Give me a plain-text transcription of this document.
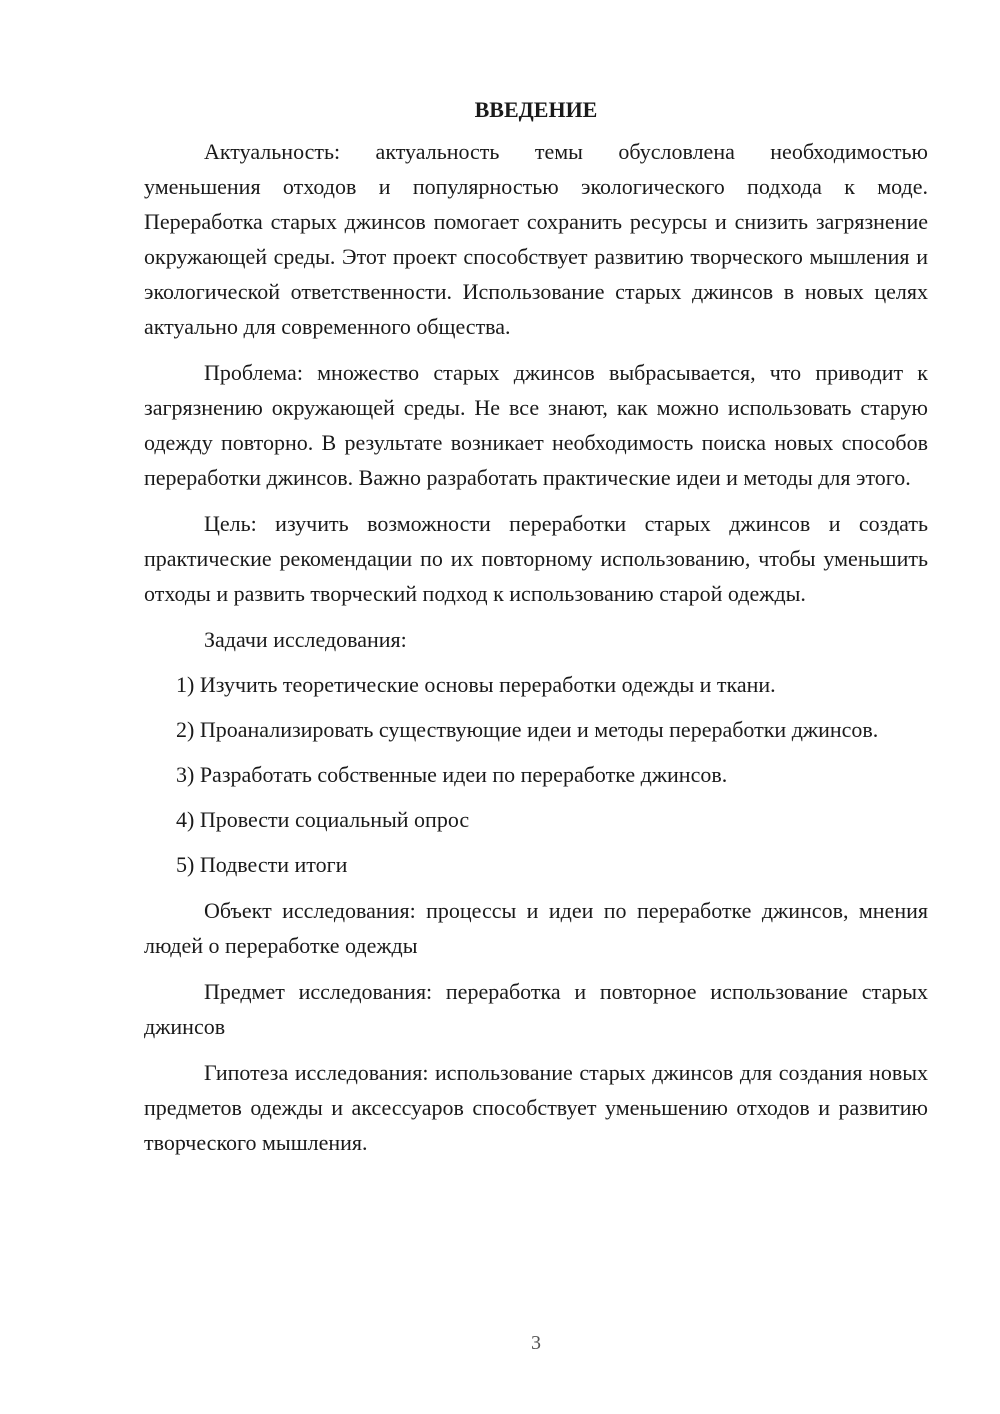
ВВЕДЕНИЕ

Актуальность: актуальность темы обусловлена необходимостью уменьшения отходов и популярностью экологического подхода к моде. Переработка старых джинсов помогает сохранить ресурсы и снизить загрязнение окружающей среды. Этот проект способствует развитию творческого мышления и экологической ответственности. Использование старых джинсов в новых целях актуально для современного общества.

Проблема: множество старых джинсов выбрасывается, что приводит к загрязнению окружающей среды. Не все знают, как можно использовать старую одежду повторно. В результате возникает необходимость поиска новых способов переработки джинсов. Важно разработать практические идеи и методы для этого.

Цель: изучить возможности переработки старых джинсов и создать практические рекомендации по их повторному использованию, чтобы уменьшить отходы и развить творческий подход к использованию старой одежды.

Задачи исследования:

1) Изучить теоретические основы переработки одежды и ткани.

2) Проанализировать существующие идеи и методы переработки джинсов.

3) Разработать собственные идеи по переработке джинсов.

4) Провести социальный опрос

5) Подвести итоги

Объект исследования: процессы и идеи по переработке джинсов, мнения людей о переработке одежды

Предмет исследования: переработка и повторное использование старых джинсов

Гипотеза исследования: использование старых джинсов для создания новых предметов одежды и аксессуаров способствует уменьшению отходов и развитию творческого мышления.

3
